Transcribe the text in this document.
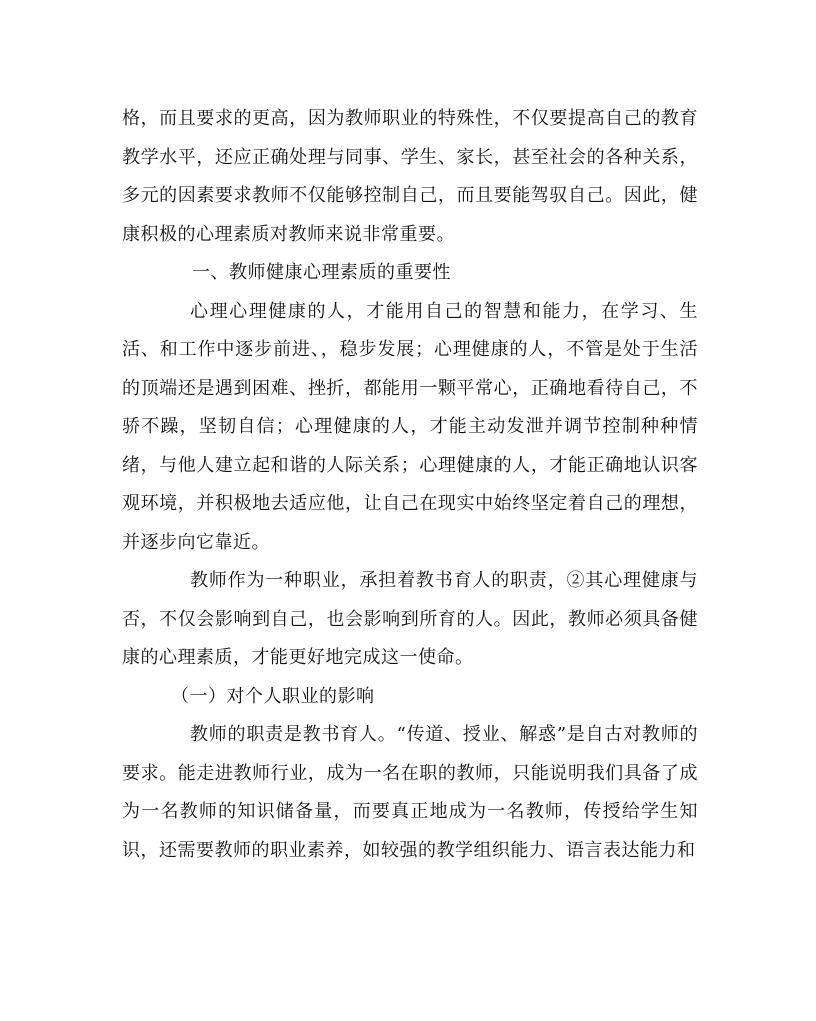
格，而且要求的更高，因为教师职业的特殊性，不仅要提高自己的教育教学水平，还应正确处理与同事、学生、家长，甚至社会的各种关系，多元的因素要求教师不仅能够控制自己，而且要能驾驭自己。因此，健康积极的心理素质对教师来说非常重要。

一、教师健康心理素质的重要性

心理心理健康的人，才能用自己的智慧和能力，在学习、生活、和工作中逐步前进、，稳步发展；心理健康的人，不管是处于生活的顶端还是遇到困难、挫折，都能用一颗平常心，正确地看待自己，不骄不躁，坚韧自信；心理健康的人，才能主动发泄并调节控制种种情绪，与他人建立起和谐的人际关系；心理健康的人，才能正确地认识客观环境，并积极地去适应他，让自己在现实中始终坚定着自己的理想，并逐步向它靠近。

教师作为一种职业，承担着教书育人的职责，②其心理健康与否，不仅会影响到自己，也会影响到所育的人。因此，教师必须具备健康的心理素质，才能更好地完成这一使命。

（一）对个人职业的影响

教师的职责是教书育人。“传道、授业、解惑”是自古对教师的要求。能走进教师行业，成为一名在职的教师，只能说明我们具备了成为一名教师的知识储备量，而要真正地成为一名教师，传授给学生知识，还需要教师的职业素养，如较强的教学组织能力、语言表达能力和
